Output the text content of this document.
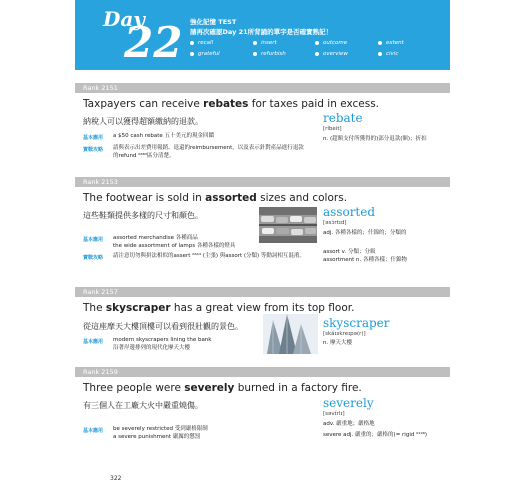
Day
22 強化記憶 TEST
請再次確認Day 21所背誦的單字是否確實熟記！
recall	insert	outcome	extent
grateful	refurbish	overview	civic
Rank 2151
Taxpayers can receive rebates for taxes paid in excess.
納稅人可以獲得超額繳納的退款。
基本應用 a $50 cash rebate 五十美元的現金回饋
實戰攻略 請與表示出差費用報銷、退還的reimbursement，以及表示針對產品進行退款的refund ⁰⁸⁸³區分清楚。
rebate
[ríbeit]
n. (超額支付所獲得的)部分退款(額)；折扣
Rank 2153
The footwear is sold in assorted sizes and colors.
這些鞋類提供多樣的尺寸和顏色。
基本應用 assorted merchandise 各種商品
the wide assortment of lamps 各種各樣的燈具
實戰攻略 請注意切勿與拼法相似的assert ²⁶⁴⁴ (主張) 與assort (分類) 等動詞相互混淆。
assorted
[əsɔ́rtɪd]
adj. 各種各樣的；什錦的；分類的
assort v. 分類；分級
assortment n. 各種各樣；什錦物
Rank 2157
The skyscraper has a great view from its top floor.
從這座摩天大樓頂樓可以看到很壯觀的景色。
基本應用 modern skyscrapers lining the bank
沿著岸邊排列的現代化摩天大樓
skyscraper
[skáɪskreɪpə(r)]
n. 摩天大樓
Rank 2159
Three people were severely burned in a factory fire.
有三個人在工廠大火中嚴重燒傷。
基本應用 be severely restricted 受到嚴格限制
a severe punishment 嚴厲的懲罰
severely
[səvɪ́rlɪ]
adv. 嚴重地；嚴格地
severe adj. 嚴重的；嚴格的(= rigid ⁰¹⁹⁶)
322
